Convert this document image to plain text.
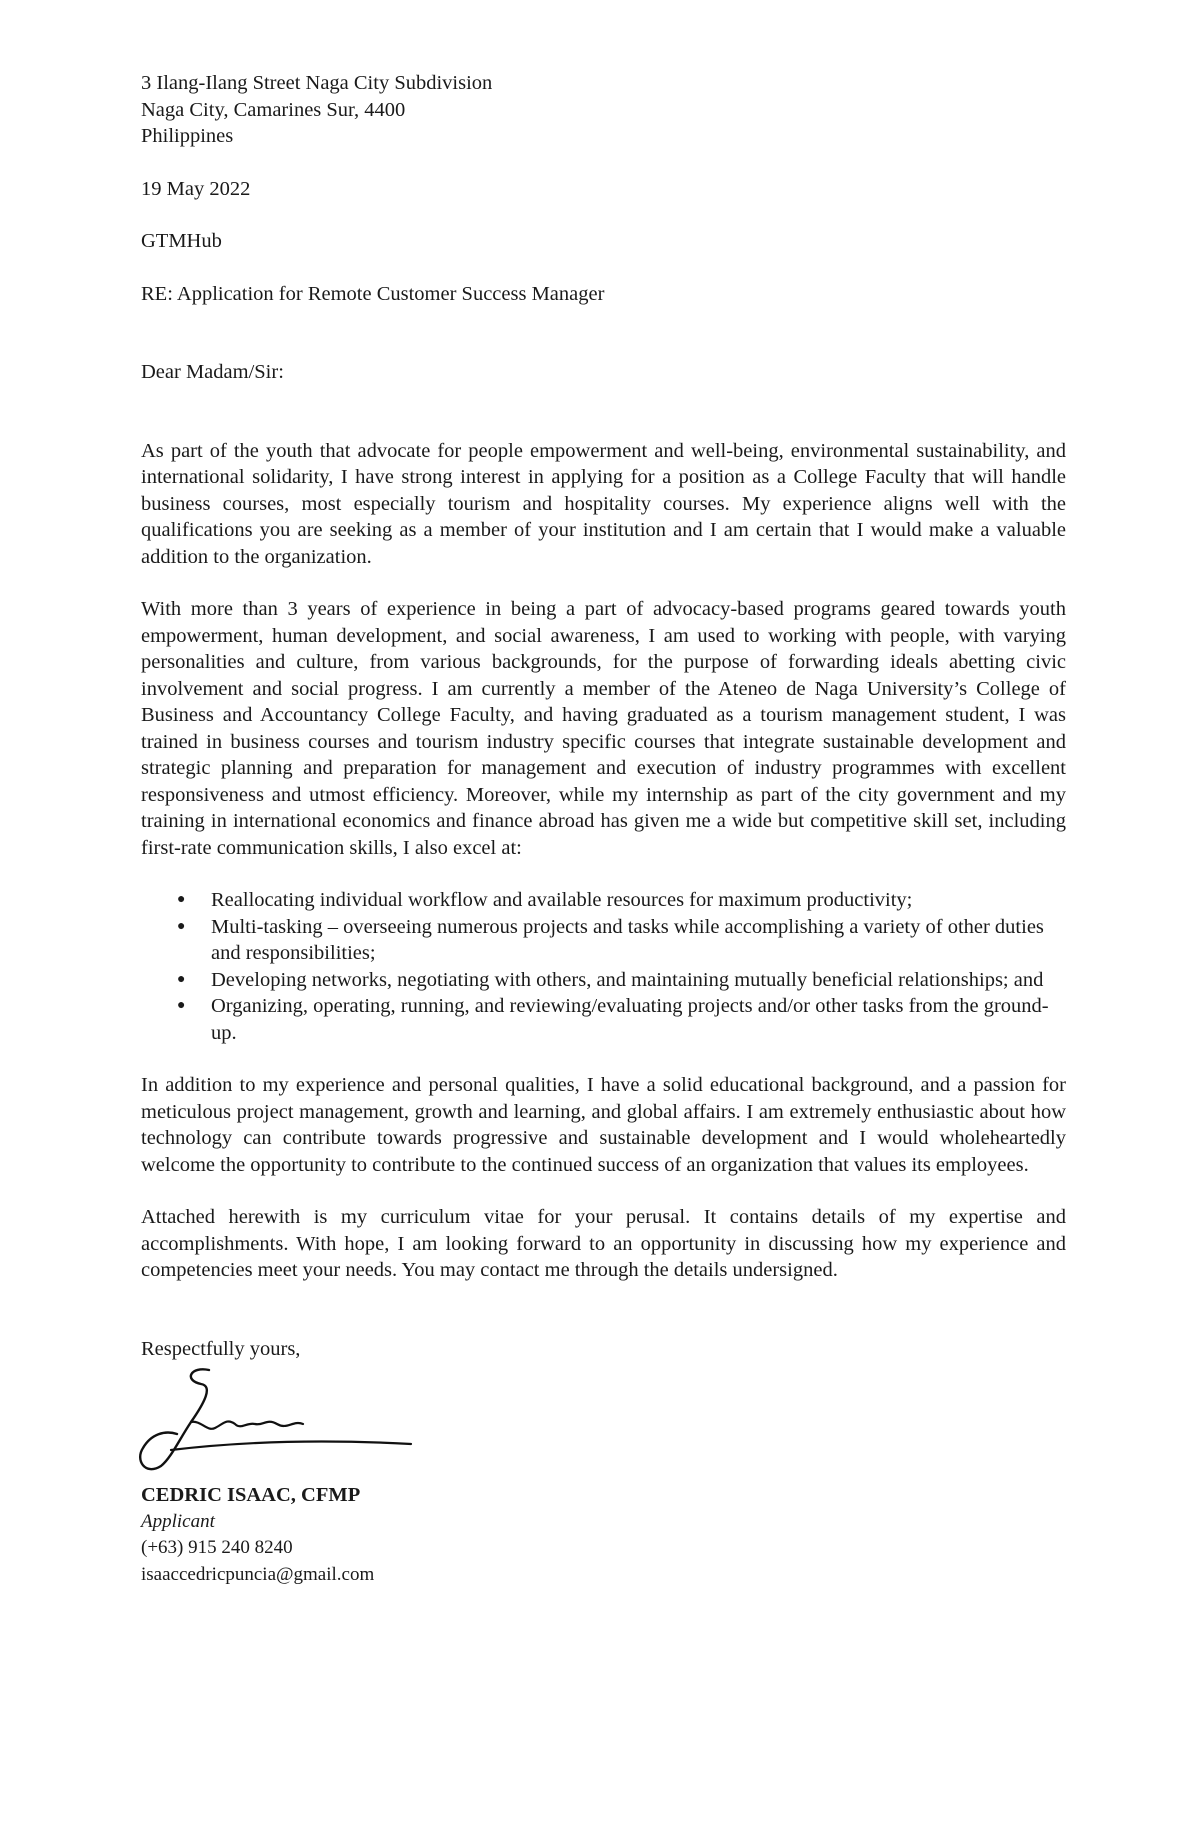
3 Ilang-Ilang Street Naga City Subdivision
Naga City, Camarines Sur, 4400
Philippines
19 May 2022
GTMHub
RE: Application for Remote Customer Success Manager
Dear Madam/Sir:

As part of the youth that advocate for people empowerment and well-being, environmental sustainability, and international solidarity, I have strong interest in applying for a position as a College Faculty that will handle business courses, most especially tourism and hospitality courses. My experience aligns well with the qualifications you are seeking as a member of your institution and I am certain that I would make a valuable addition to the organization.

With more than 3 years of experience in being a part of advocacy-based programs geared towards youth empowerment, human development, and social awareness, I am used to working with people, with varying personalities and culture, from various backgrounds, for the purpose of forwarding ideals abetting civic involvement and social progress. I am currently a member of the Ateneo de Naga University’s College of Business and Accountancy College Faculty, and having graduated as a tourism management student, I was trained in business courses and tourism industry specific courses that integrate sustainable development and strategic planning and preparation for management and execution of industry programmes with excellent responsiveness and utmost efficiency. Moreover, while my internship as part of the city government and my training in international economics and finance abroad has given me a wide but competitive skill set, including first-rate communication skills, I also excel at:

● Reallocating individual workflow and available resources for maximum productivity;
● Multi-tasking – overseeing numerous projects and tasks while accomplishing a variety of other duties and responsibilities;
● Developing networks, negotiating with others, and maintaining mutually beneficial relationships; and
● Organizing, operating, running, and reviewing/evaluating projects and/or other tasks from the ground-up.

In addition to my experience and personal qualities, I have a solid educational background, and a passion for meticulous project management, growth and learning, and global affairs. I am extremely enthusiastic about how technology can contribute towards progressive and sustainable development and I would wholeheartedly welcome the opportunity to contribute to the continued success of an organization that values its employees.

Attached herewith is my curriculum vitae for your perusal. It contains details of my expertise and accomplishments. With hope, I am looking forward to an opportunity in discussing how my experience and competencies meet your needs. You may contact me through the details undersigned.

Respectfully yours,
CEDRIC ISAAC, CFMP
Applicant
(+63) 915 240 8240
isaaccedricpuncia@gmail.com
